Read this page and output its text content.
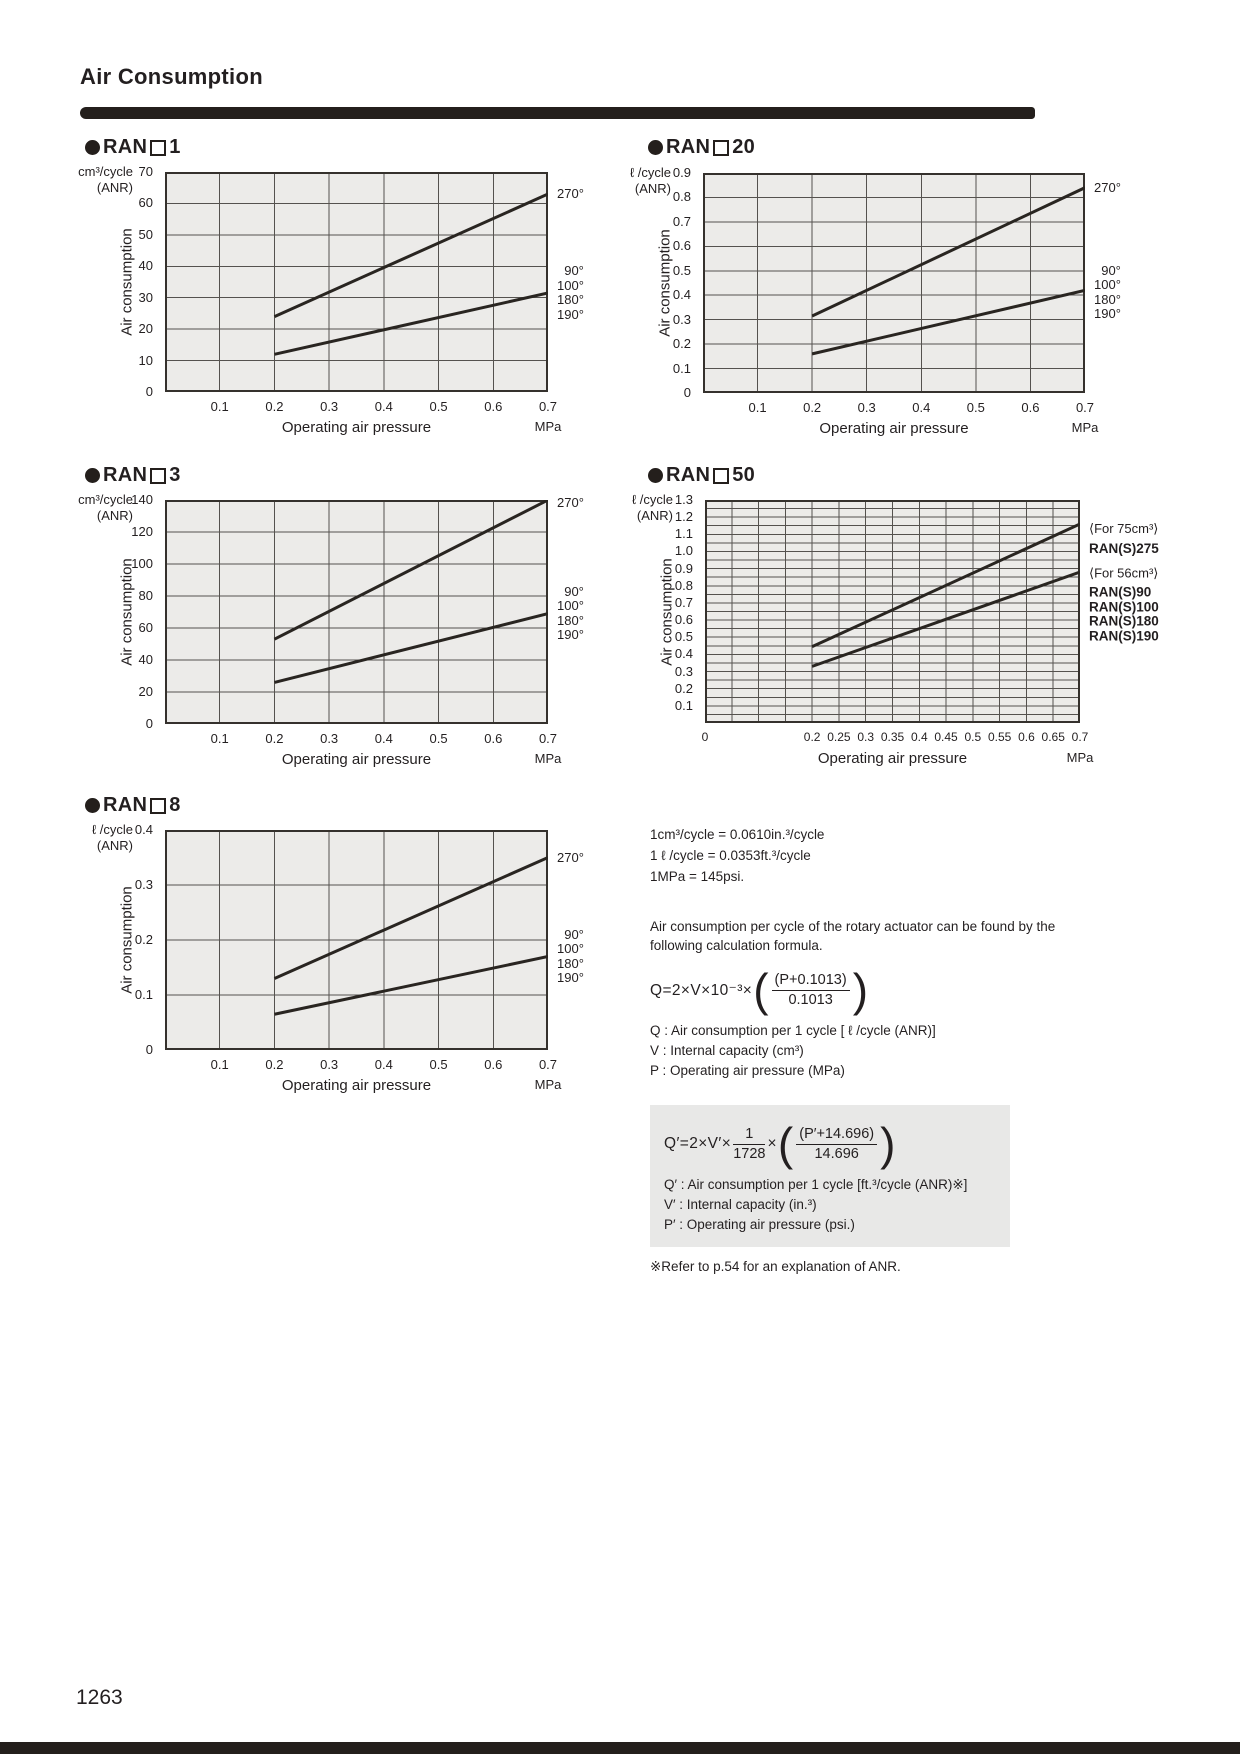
Air Consumption
RAN 1
cm³/cycle
(ANR)
0
10
20
30
40
50
60
70
Air consumption
0.1	0.2	0.3	0.4	0.5	0.6	0.7
Operating air pressure	MPa
270°
90°
100°
180°
190°
RAN 20
ℓ /cycle
(ANR)
0
0.1
0.2
0.3
0.4
0.5
0.6
0.7
0.8
0.9
Air consumption
0.1	0.2	0.3	0.4	0.5	0.6	0.7
Operating air pressure	MPa
270°
90°
100°
180°
190°
RAN 3
cm³/cycle
(ANR)
0
20
40
60
80
100
120
140
Air consumption
0.1	0.2	0.3	0.4	0.5	0.6	0.7
Operating air pressure	MPa
270°
90°
100°
180°
190°
RAN 50
ℓ /cycle
(ANR)
0.1
0.2
0.3
0.4
0.5
0.6
0.7
0.8
0.9
1.0
1.1
1.2
1.3
Air consumption
0	0.2 0.25 0.3 0.35 0.4 0.45 0.5 0.55 0.6 0.65 0.7
Operating air pressure	MPa
⟨For 75cm³⟩
RAN(S)275
⟨For 56cm³⟩
RAN(S)90
RAN(S)100
RAN(S)180
RAN(S)190
RAN 8
ℓ /cycle
(ANR)
0
0.1
0.2
0.3
0.4
Air consumption
0.1	0.2	0.3	0.4	0.5	0.6	0.7
Operating air pressure	MPa
270°
90°
100°
180°
190°
1cm³/cycle = 0.0610in.³/cycle
1 ℓ /cycle = 0.0353ft.³/cycle
1MPa = 145psi.

Air consumption per cycle of the rotary actuator can be found by the following calculation formula.

Q=2×V×10⁻³× ( $\frac{(P+0.1013)}{0.1013}$ )
Q : Air consumption per 1 cycle [ ℓ /cycle (ANR)]
V : Internal capacity (cm³)
P : Operating air pressure (MPa)
$Q'=2\times V'\times \frac{1}{1728}$ × ( $\frac{(P'+14.696)}{14.696}$ )
Q′ : Air consumption per 1 cycle [ft.³/cycle (ANR)※]
V′ : Internal capacity (in.³)
P′ : Operating air pressure (psi.)
※Refer to p.54 for an explanation of ANR.
1263
